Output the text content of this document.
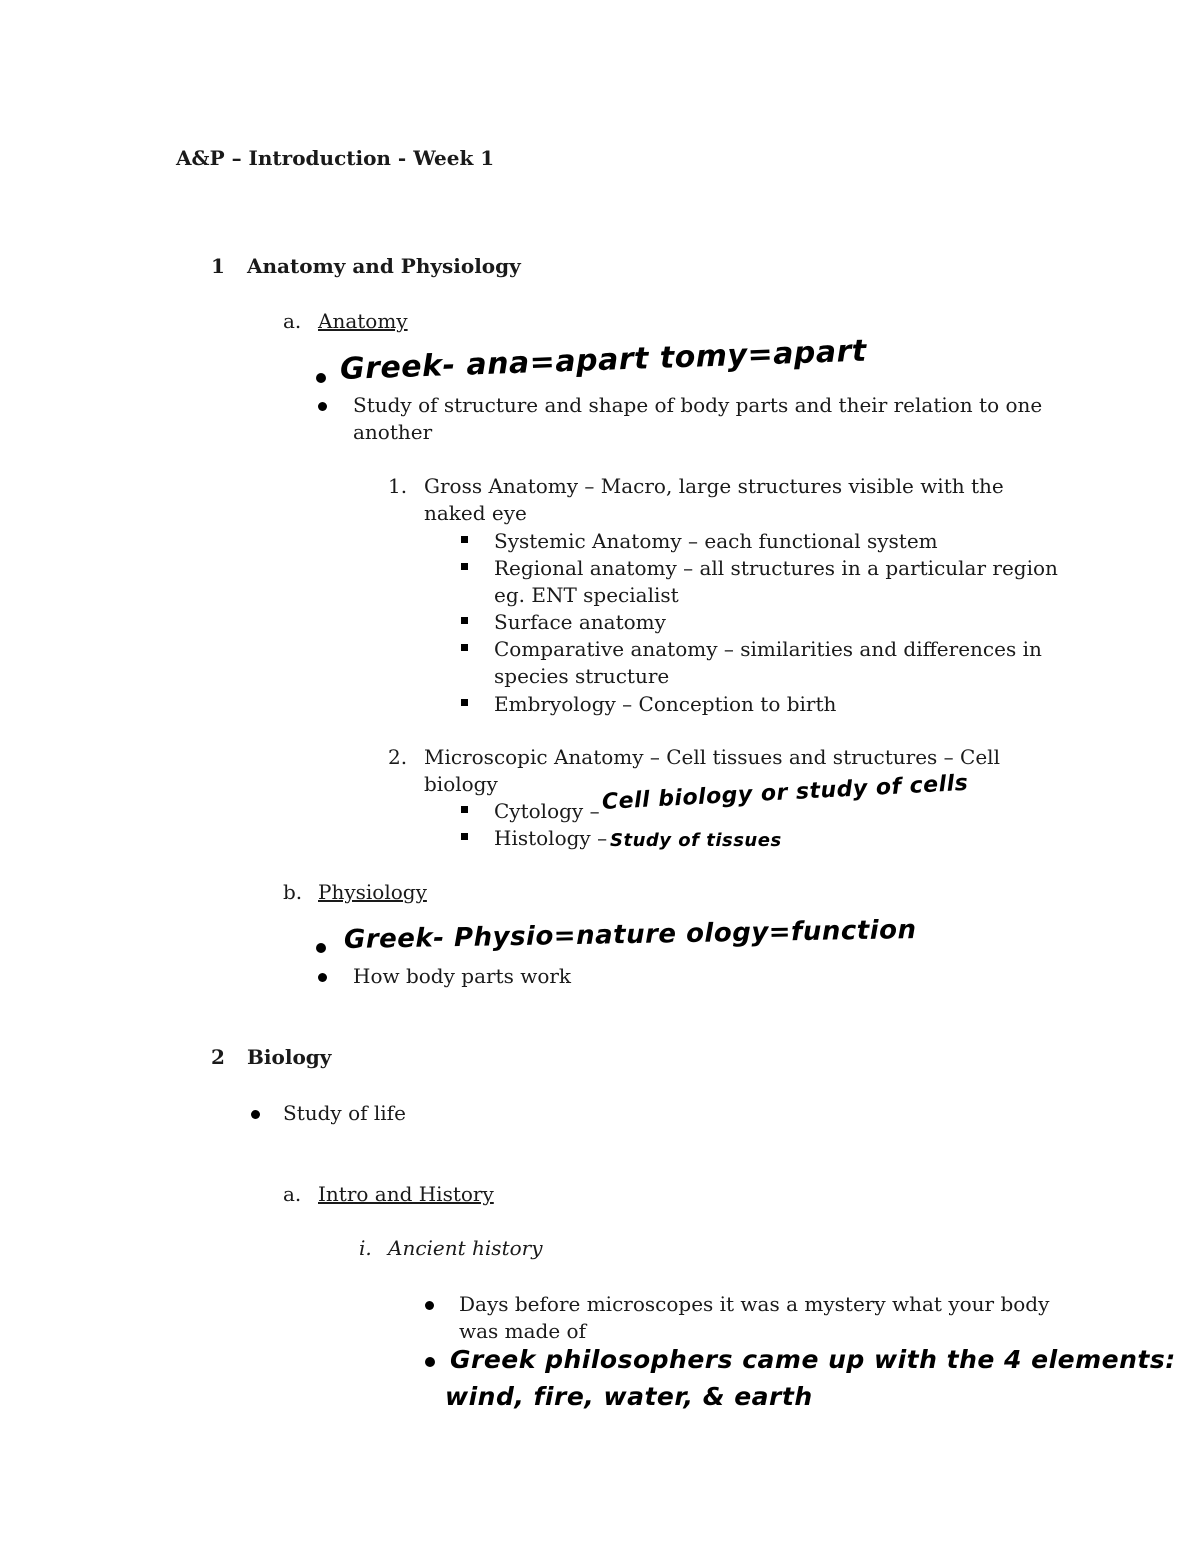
A&P – Introduction - Week 1
1 Anatomy and Physiology
a. Anatomy
Greek- ana=apart tomy=apart
Study of structure and shape of body parts and their relation to one
another
1. Gross Anatomy – Macro, large structures visible with the
naked eye
Systemic Anatomy – each functional system
Regional anatomy – all structures in a particular region
eg. ENT specialist
Surface anatomy
Comparative anatomy – similarities and differences in
species structure
Embryology – Conception to birth
2. Microscopic Anatomy – Cell tissues and structures – Cell
biology
Cytology – Cell biology or study of cells
Histology – Study of tissues
b. Physiology
Greek- Physio=nature ology=function
How body parts work
2 Biology
Study of life
a. Intro and History
i. Ancient history
Days before microscopes it was a mystery what your body
was made of
Greek philosophers came up with the 4 elements:
wind, fire, water, & earth
